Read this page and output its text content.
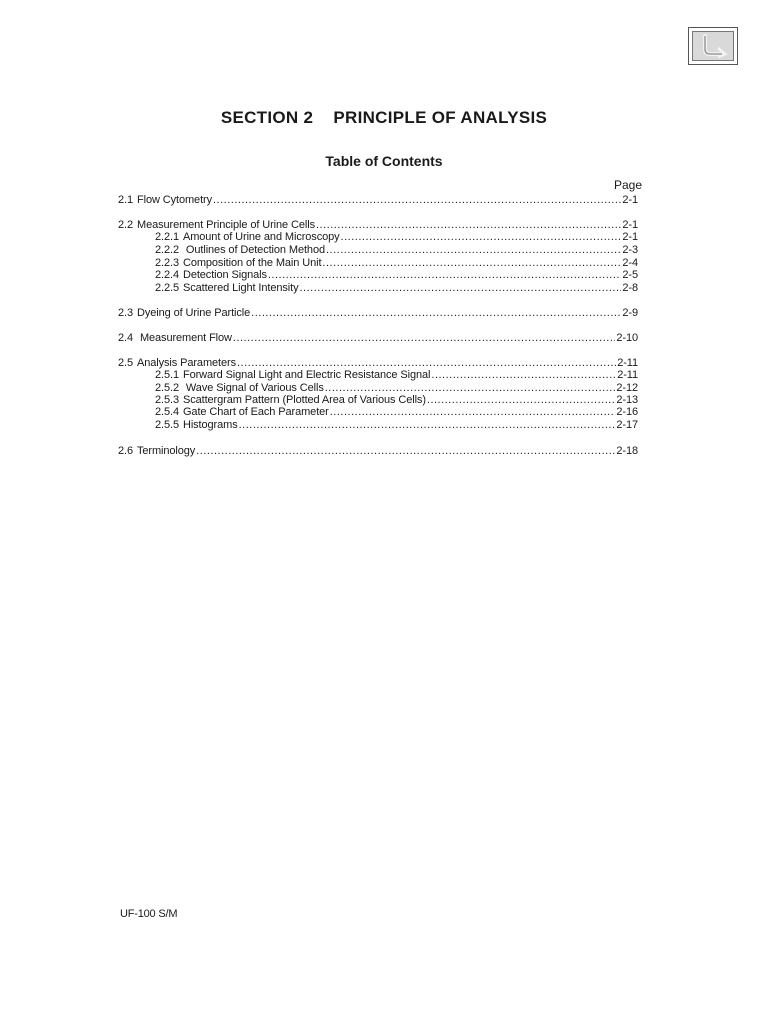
SECTION 2    PRINCIPLE OF ANALYSIS
Table of Contents
Page
2.1 Flow Cytometry .....	2-1
2.2 Measurement Principle of Urine Cells .....	2-1
2.2.1 Amount of Urine and Microscopy .....	2-1
2.2.2 Outlines of Detection Method .....	2-3
2.2.3 Composition of the Main Unit .....	2-4
2.2.4 Detection Signals .....	2-5
2.2.5 Scattered Light Intensity .....	2-8
2.3 Dyeing of Urine Particle .....	2-9
2.4 Measurement Flow .....	2-10
2.5 Analysis Parameters .....	2-11
2.5.1 Forward Signal Light and Electric Resistance Signal .....	2-11
2.5.2 Wave Signal of Various Cells .....	2-12
2.5.3 Scattergram Pattern (Plotted Area of Various Cells) .....	2-13
2.5.4 Gate Chart of Each Parameter .....	2-16
2.5.5 Histograms .....	2-17
2.6 Terminology .....	2-18
UF-100 S/M
